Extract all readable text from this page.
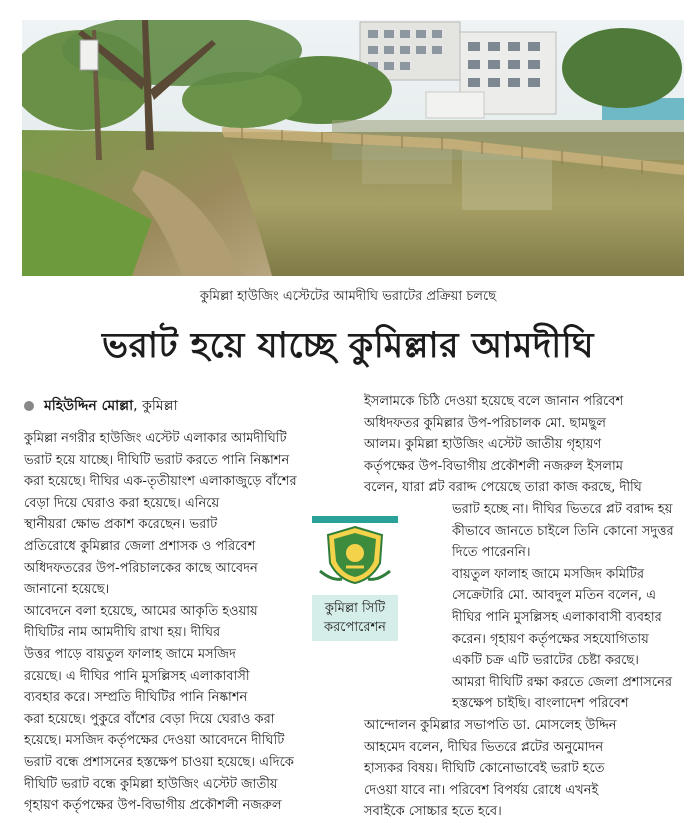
কুমিল্লা হাউজিং এস্টেটের আমদীঘি ভরাটের প্রক্রিয়া চলছে
ভরাট হয়ে যাচ্ছে কুমিল্লার আমদীঘি
মহিউদ্দিন মোল্লা, কুমিল্লা

কুমিল্লা নগরীর হাউজিং এস্টেট এলাকার আমদীঘিটি

ভরাট হয়ে যাচ্ছে। দীঘিটি ভরাট করতে পানি নিষ্কাশন

করা হয়েছে। দীঘির এক-তৃতীয়াংশ এলাকাজুড়ে বাঁশের

বেড়া দিয়ে ঘেরাও করা হয়েছে। এনিয়ে

স্থানীয়রা ক্ষোভ প্রকাশ করেছেন। ভরাট

প্রতিরোধে কুমিল্লার জেলা প্রশাসক ও পরিবেশ

অধিদফতরের উপ-পরিচালকের কাছে আবেদন

জানানো হয়েছে।

আবেদনে বলা হয়েছে, আমের আকৃতি হওয়ায়

দীঘিটির নাম আমদীঘি রাখা হয়। দীঘির

উত্তর পাড়ে বায়তুল ফালাহ জামে মসজিদ

রয়েছে। এ দীঘির পানি মুসল্লিসহ এলাকাবাসী

ব্যবহার করে। সম্প্রতি দীঘিটির পানি নিষ্কাশন

করা হয়েছে। পুকুরে বাঁশের বেড়া দিয়ে ঘেরাও করা

হয়েছে। মসজিদ কর্তৃপক্ষের দেওয়া আবেদনে দীঘিটি

ভরাট বন্ধে প্রশাসনের হস্তক্ষেপ চাওয়া হয়েছে। এদিকে

দীঘিটি ভরাট বন্ধে কুমিল্লা হাউজিং এস্টেট জাতীয়

গৃহায়ণ কর্তৃপক্ষের উপ-বিভাগীয় প্রকৌশলী নজরুল

কুমিল্লা সিটি
করপোরেশন

ইসলামকে চিঠি দেওয়া হয়েছে বলে জানান পরিবেশ

অধিদফতর কুমিল্লার উপ-পরিচালক মো. ছামছুল

আলম। কুমিল্লা হাউজিং এস্টেট জাতীয় গৃহায়ণ

কর্তৃপক্ষের উপ-বিভাগীয় প্রকৌশলী নজরুল ইসলাম

বলেন, যারা প্লট বরাদ্দ পেয়েছে তারা কাজ করছে, দীঘি

ভরাট হচ্ছে না। দীঘির ভিতরে প্লট বরাদ্দ হয়

কীভাবে জানতে চাইলে তিনি কোনো সদুত্তর

দিতে পারেননি।

বায়তুল ফালাহ জামে মসজিদ কমিটির

সেক্রেটারি মো. আবদুল মতিন বলেন, এ

দীঘির পানি মুসল্লিসহ এলাকাবাসী ব্যবহার

করেন। গৃহায়ণ কর্তৃপক্ষের সহযোগিতায়

একটি চক্র এটি ভরাটের চেষ্টা করছে।

আমরা দীঘিটি রক্ষা করতে জেলা প্রশাসনের

হস্তক্ষেপ চাইছি। বাংলাদেশ পরিবেশ

আন্দোলন কুমিল্লার সভাপতি ডা. মোসলেহ উদ্দিন

আহমেদ বলেন, দীঘির ভিতরে প্লটের অনুমোদন

হাস্যকর বিষয়। দীঘিটি কোনোভাবেই ভরাট হতে

দেওয়া যাবে না। পরিবেশ বিপর্যয় রোধে এখনই

সবাইকে সোচ্চার হতে হবে।
